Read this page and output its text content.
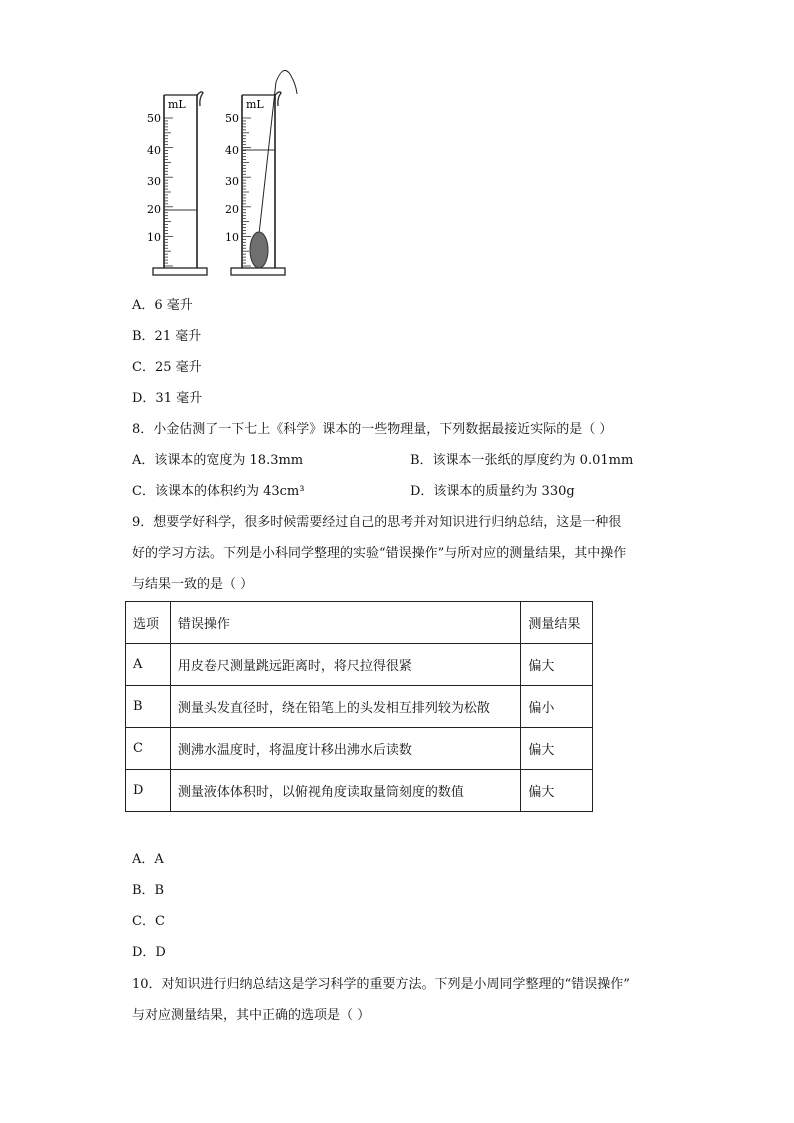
mL
50
40
30
20
10
mL
50
40
30
20
10
A．6 毫升
B．21 毫升
C．25 毫升
D．31 毫升
8．小金估测了一下七上《科学》课本的一些物理量，下列数据最接近实际的是（ ）
A．该课本的宽度为 18.3mm	B．该课本一张纸的厚度约为 0.01mm
C．该课本的体积约为 43cm³	D．该课本的质量约为 330g
9．想要学好科学，很多时候需要经过自己的思考并对知识进行归纳总结，这是一种很
好的学习方法。下列是小科同学整理的实验“错误操作”与所对应的测量结果，其中操作
与结果一致的是（ ）
选项	错误操作	测量结果
A	用皮卷尺测量跳远距离时，将尺拉得很紧	偏大
B	测量头发直径时，绕在铅笔上的头发相互排列较为松散	偏小
C	测沸水温度时，将温度计移出沸水后读数	偏大
D	测量液体体积时，以俯视角度读取量筒刻度的数值	偏大
A．A
B．B
C．C
D．D
10．对知识进行归纳总结这是学习科学的重要方法。下列是小周同学整理的“错误操作”
与对应测量结果，其中正确的选项是（ ）
